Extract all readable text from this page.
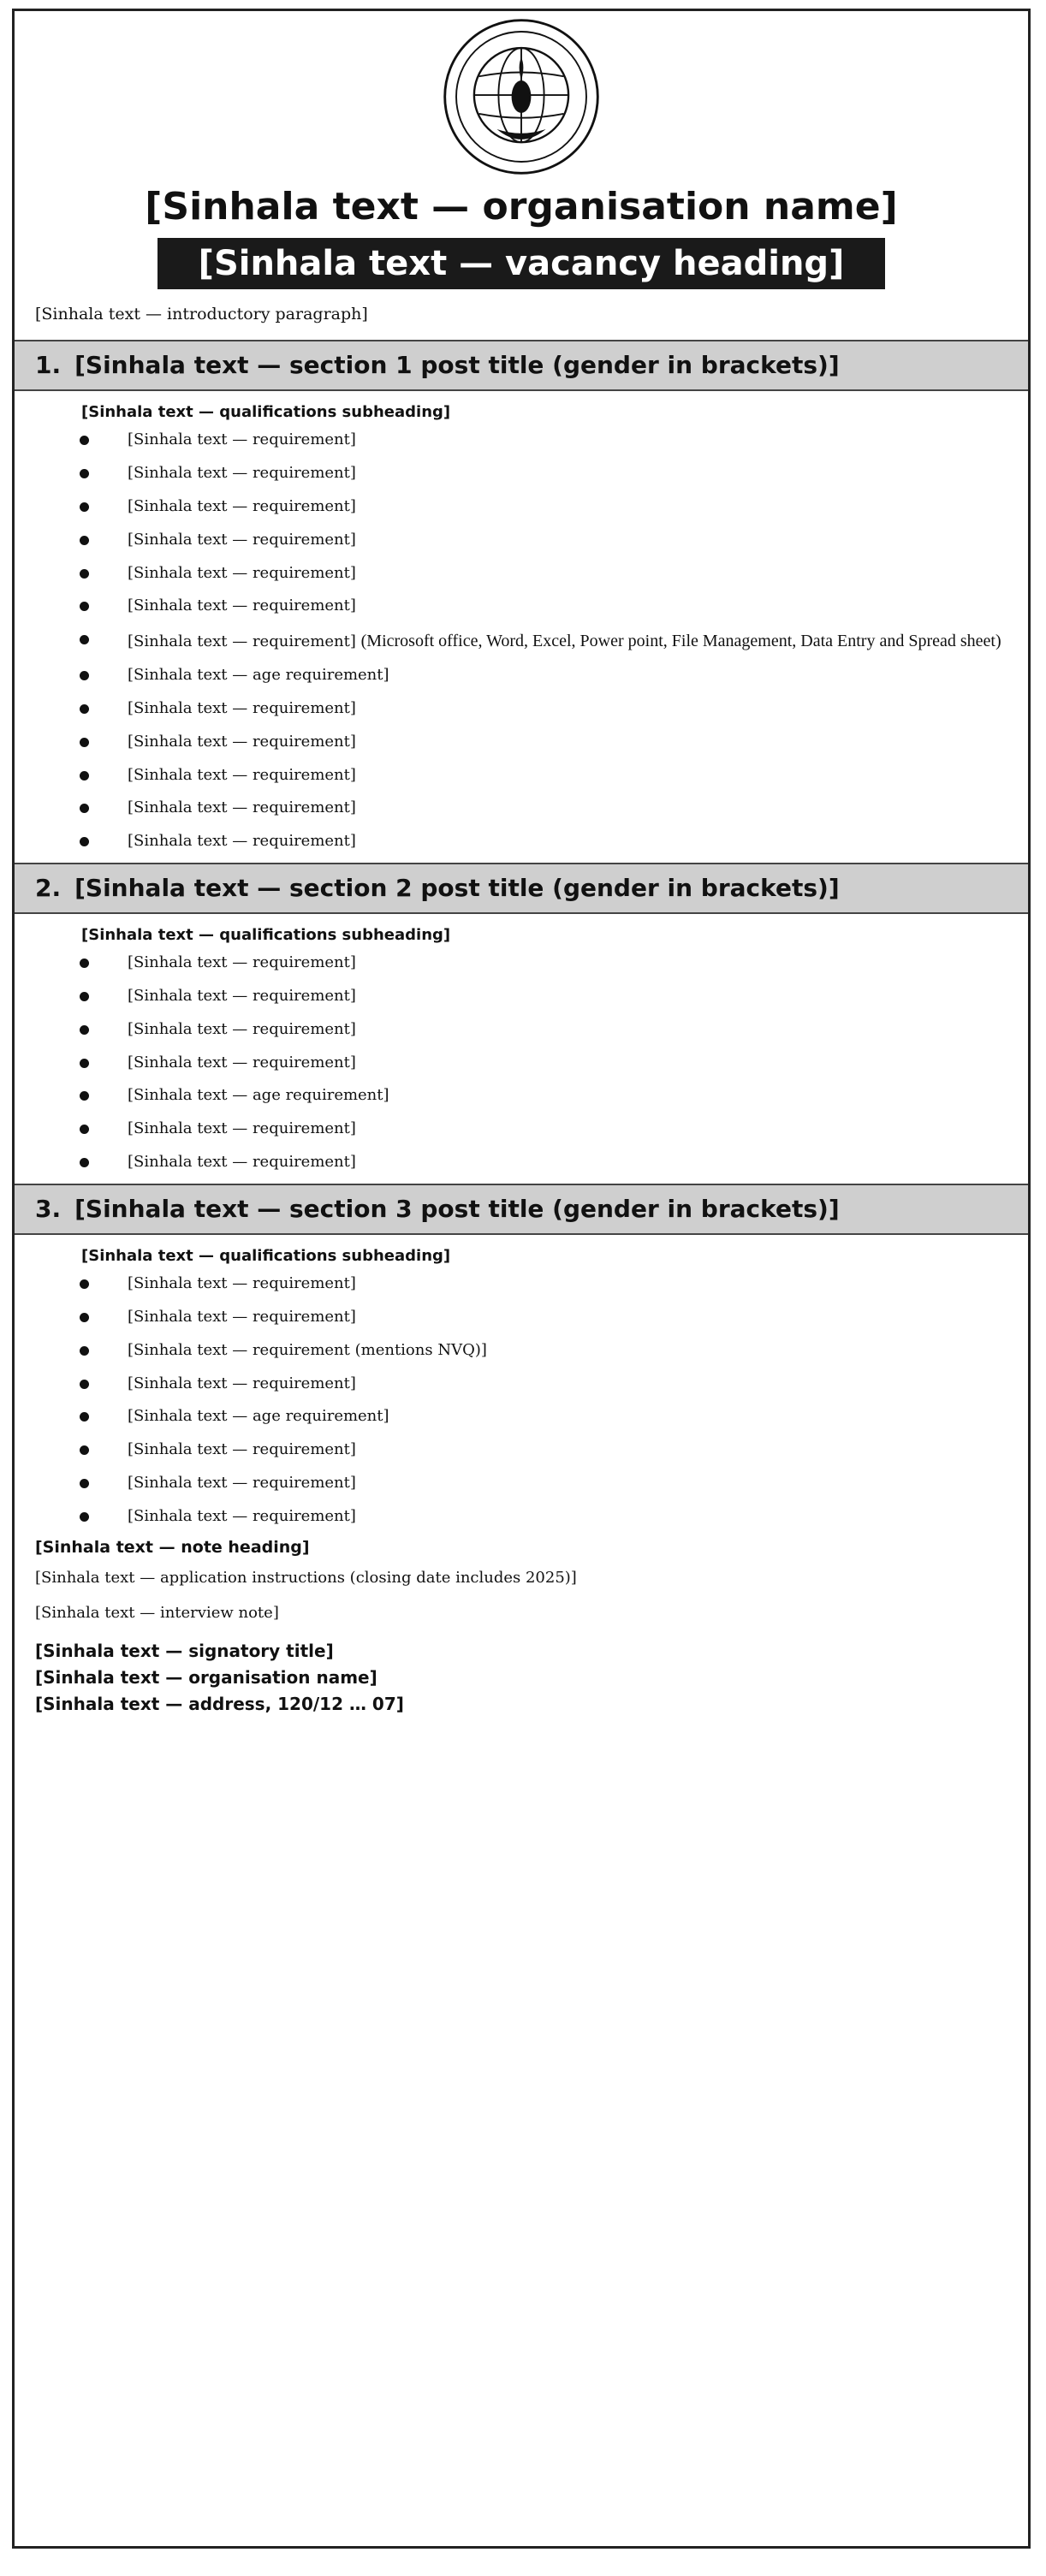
[Sinhala text — organisation name]
[Sinhala text — vacancy heading]

[Sinhala text — introductory paragraph]

1. [Sinhala text — section 1 post title (gender in brackets)]
[Sinhala text — qualifications subheading]
[Sinhala text — requirement]
[Sinhala text — requirement]
[Sinhala text — requirement]
[Sinhala text — requirement]
[Sinhala text — requirement]
[Sinhala text — requirement]
[Sinhala text — requirement] (Microsoft office, Word, Excel, Power point, File Management, Data Entry and Spread sheet)
[Sinhala text — age requirement]
[Sinhala text — requirement]
[Sinhala text — requirement]
[Sinhala text — requirement]
[Sinhala text — requirement]
[Sinhala text — requirement]
2. [Sinhala text — section 2 post title (gender in brackets)]
[Sinhala text — qualifications subheading]
[Sinhala text — requirement]
[Sinhala text — requirement]
[Sinhala text — requirement]
[Sinhala text — requirement]
[Sinhala text — age requirement]
[Sinhala text — requirement]
[Sinhala text — requirement]
3. [Sinhala text — section 3 post title (gender in brackets)]
[Sinhala text — qualifications subheading]
[Sinhala text — requirement]
[Sinhala text — requirement]
[Sinhala text — requirement (mentions NVQ)]
[Sinhala text — requirement]
[Sinhala text — age requirement]
[Sinhala text — requirement]
[Sinhala text — requirement]
[Sinhala text — requirement]
[Sinhala text — note heading]

[Sinhala text — application instructions (closing date includes 2025)]

[Sinhala text — interview note]

[Sinhala text — signatory title]
[Sinhala text — organisation name]
[Sinhala text — address, 120/12 … 07]
